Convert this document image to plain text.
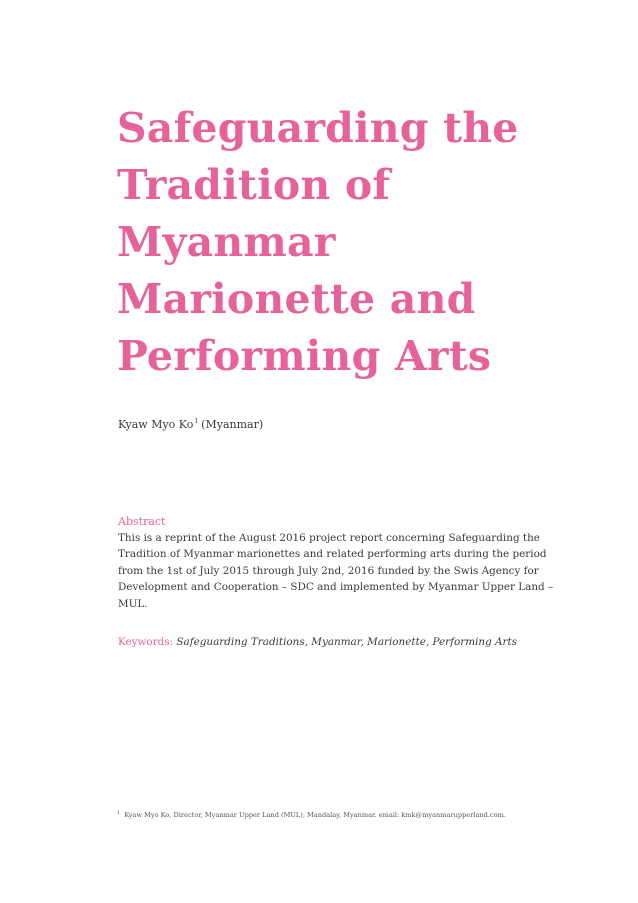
Safeguarding the
Tradition of
Myanmar
Marionette and
Performing Arts
Kyaw Myo Ko$^1$ (Myanmar)
Abstract

This is a reprint of the August 2016 project report concerning Safeguarding the
Tradition of Myanmar marionettes and related performing arts during the period
from the 1st of July 2015 through July 2nd, 2016 funded by the Swis Agency for
Development and Cooperation – SDC and implemented by Myanmar Upper Land –
MUL.

Keywords: Safeguarding Traditions, Myanmar, Marionette, Performing Arts
$^1$ Kyaw Myo Ko, Director, Myanmar Upper Land (MUL), Mandalay, Myanmar. email: kmk@myanmarupperland.com.
